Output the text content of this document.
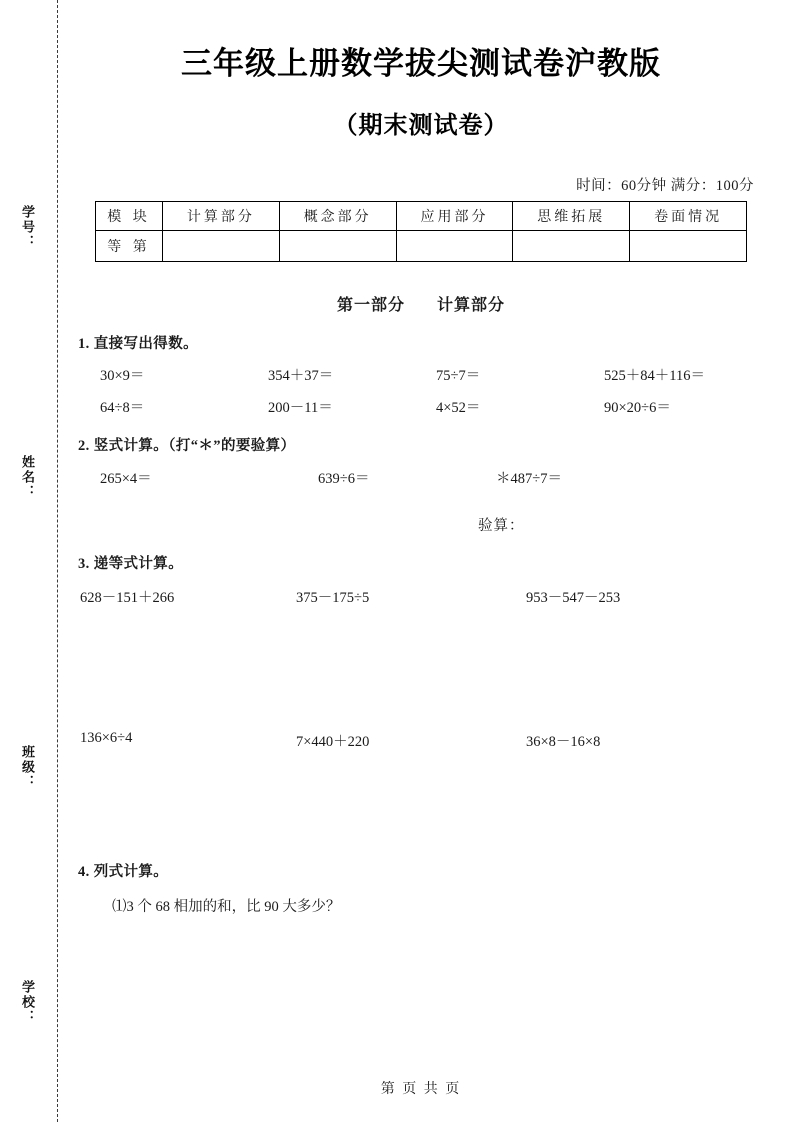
学号：
姓名：
班级：
学校：
三年级上册数学拔尖测试卷沪教版
（期末测试卷）
时间：60分钟 满分：100分
模 块	计算部分	概念部分	应用部分	思维拓展	卷面情况
等 第					
第一部分 计算部分
1. 直接写出得数。
30×9＝	354＋37＝	75÷7＝	525＋84＋116＝
64÷8＝	200－11＝	4×52＝	90×20÷6＝
2. 竖式计算。（打“＊”的要验算）
265×4＝	639÷6＝	＊487÷7＝
验算：
3. 递等式计算。
628－151＋266	375－175÷5	953－547－253
136×6÷4	7×440＋220	36×8－16×8
4. 列式计算。
⑴3 个 68 相加的和，比 90 大多少？
第 页 共 页
